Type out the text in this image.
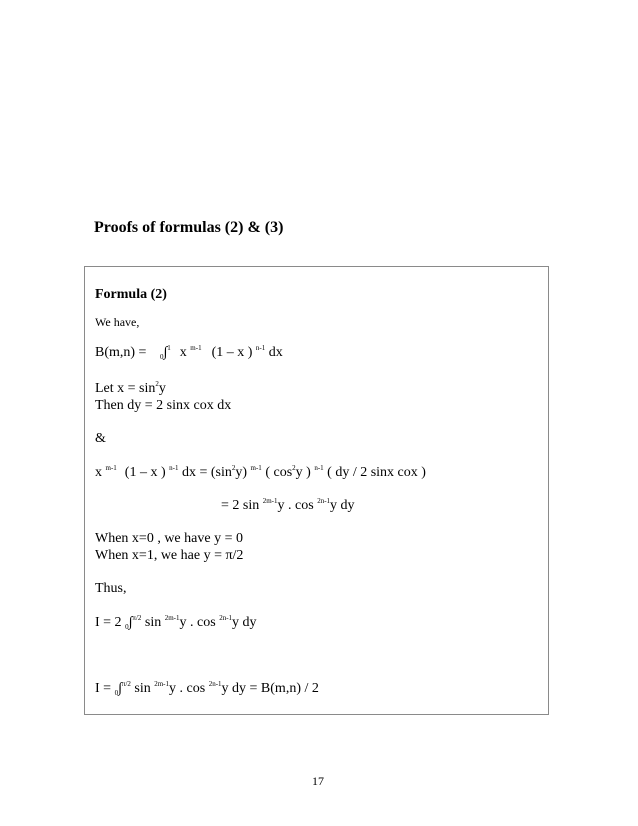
Proofs of formulas (2) & (3)
Formula (2)
We have,
B(m,n) = $_0$∫$^1$ x $^{m-1}$ (1 – x ) $^{n-1}$ dx
Let $x = \sin^2y$
Then dy = 2 sinx cox dx
&
x $^{m-1}$ (1 – x ) $^{n-1}$ dx = $(\sin^2y)$ $^{m-1}$ ( $\cos^2y$ ) $^{n-1}$ ( dy / 2 sinx cox )
= 2 sin $^{2m-1}$y . cos $^{2n-1}$y dy
When x=0 , we have y = 0
When x=1, we hae y = π/2
Thus,
I = 2 $_0$∫$^{\pi/2}$ sin $^{2m-1}$y . cos $^{2n-1}$y dy
I = $_0$∫$^{\pi/2}$ sin $^{2m-1}$y . cos $^{2n-1}$y dy = B(m,n) / 2
17
